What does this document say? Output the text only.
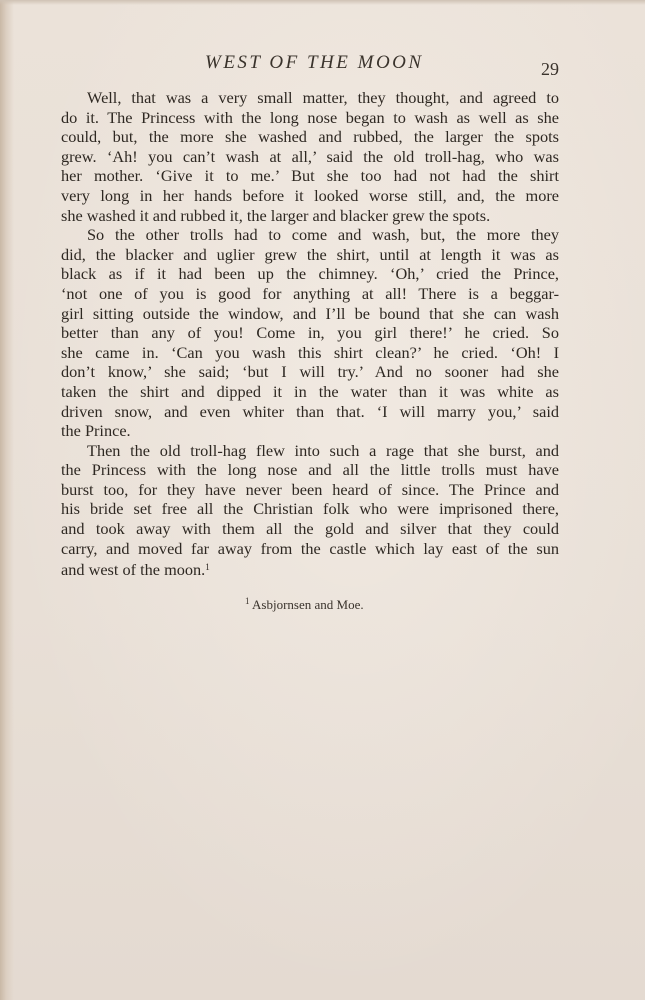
WEST OF THE MOON	29
Well, that was a very small matter, they thought, and agreed to
do it. The Princess with the long nose began to wash as well as she
could, but, the more she washed and rubbed, the larger the spots
grew. ‘Ah! you can’t wash at all,’ said the old troll-hag, who was
her mother. ‘Give it to me.’ But she too had not had the shirt
very long in her hands before it looked worse still, and, the more
she washed it and rubbed it, the larger and blacker grew the spots.
So the other trolls had to come and wash, but, the more they
did, the blacker and uglier grew the shirt, until at length it was as
black as if it had been up the chimney. ‘Oh,’ cried the Prince,
‘not one of you is good for anything at all! There is a beggar-
girl sitting outside the window, and I’ll be bound that she can wash
better than any of you! Come in, you girl there!’ he cried. So
she came in. ‘Can you wash this shirt clean?’ he cried. ‘Oh! I
don’t know,’ she said; ‘but I will try.’ And no sooner had she
taken the shirt and dipped it in the water than it was white as
driven snow, and even whiter than that. ‘I will marry you,’ said
the Prince.
Then the old troll-hag flew into such a rage that she burst, and
the Princess with the long nose and all the little trolls must have
burst too, for they have never been heard of since. The Prince and
his bride set free all the Christian folk who were imprisoned there,
and took away with them all the gold and silver that they could
carry, and moved far away from the castle which lay east of the sun
and west of the moon.$^1$
$^1$ Asbjornsen and Moe.
